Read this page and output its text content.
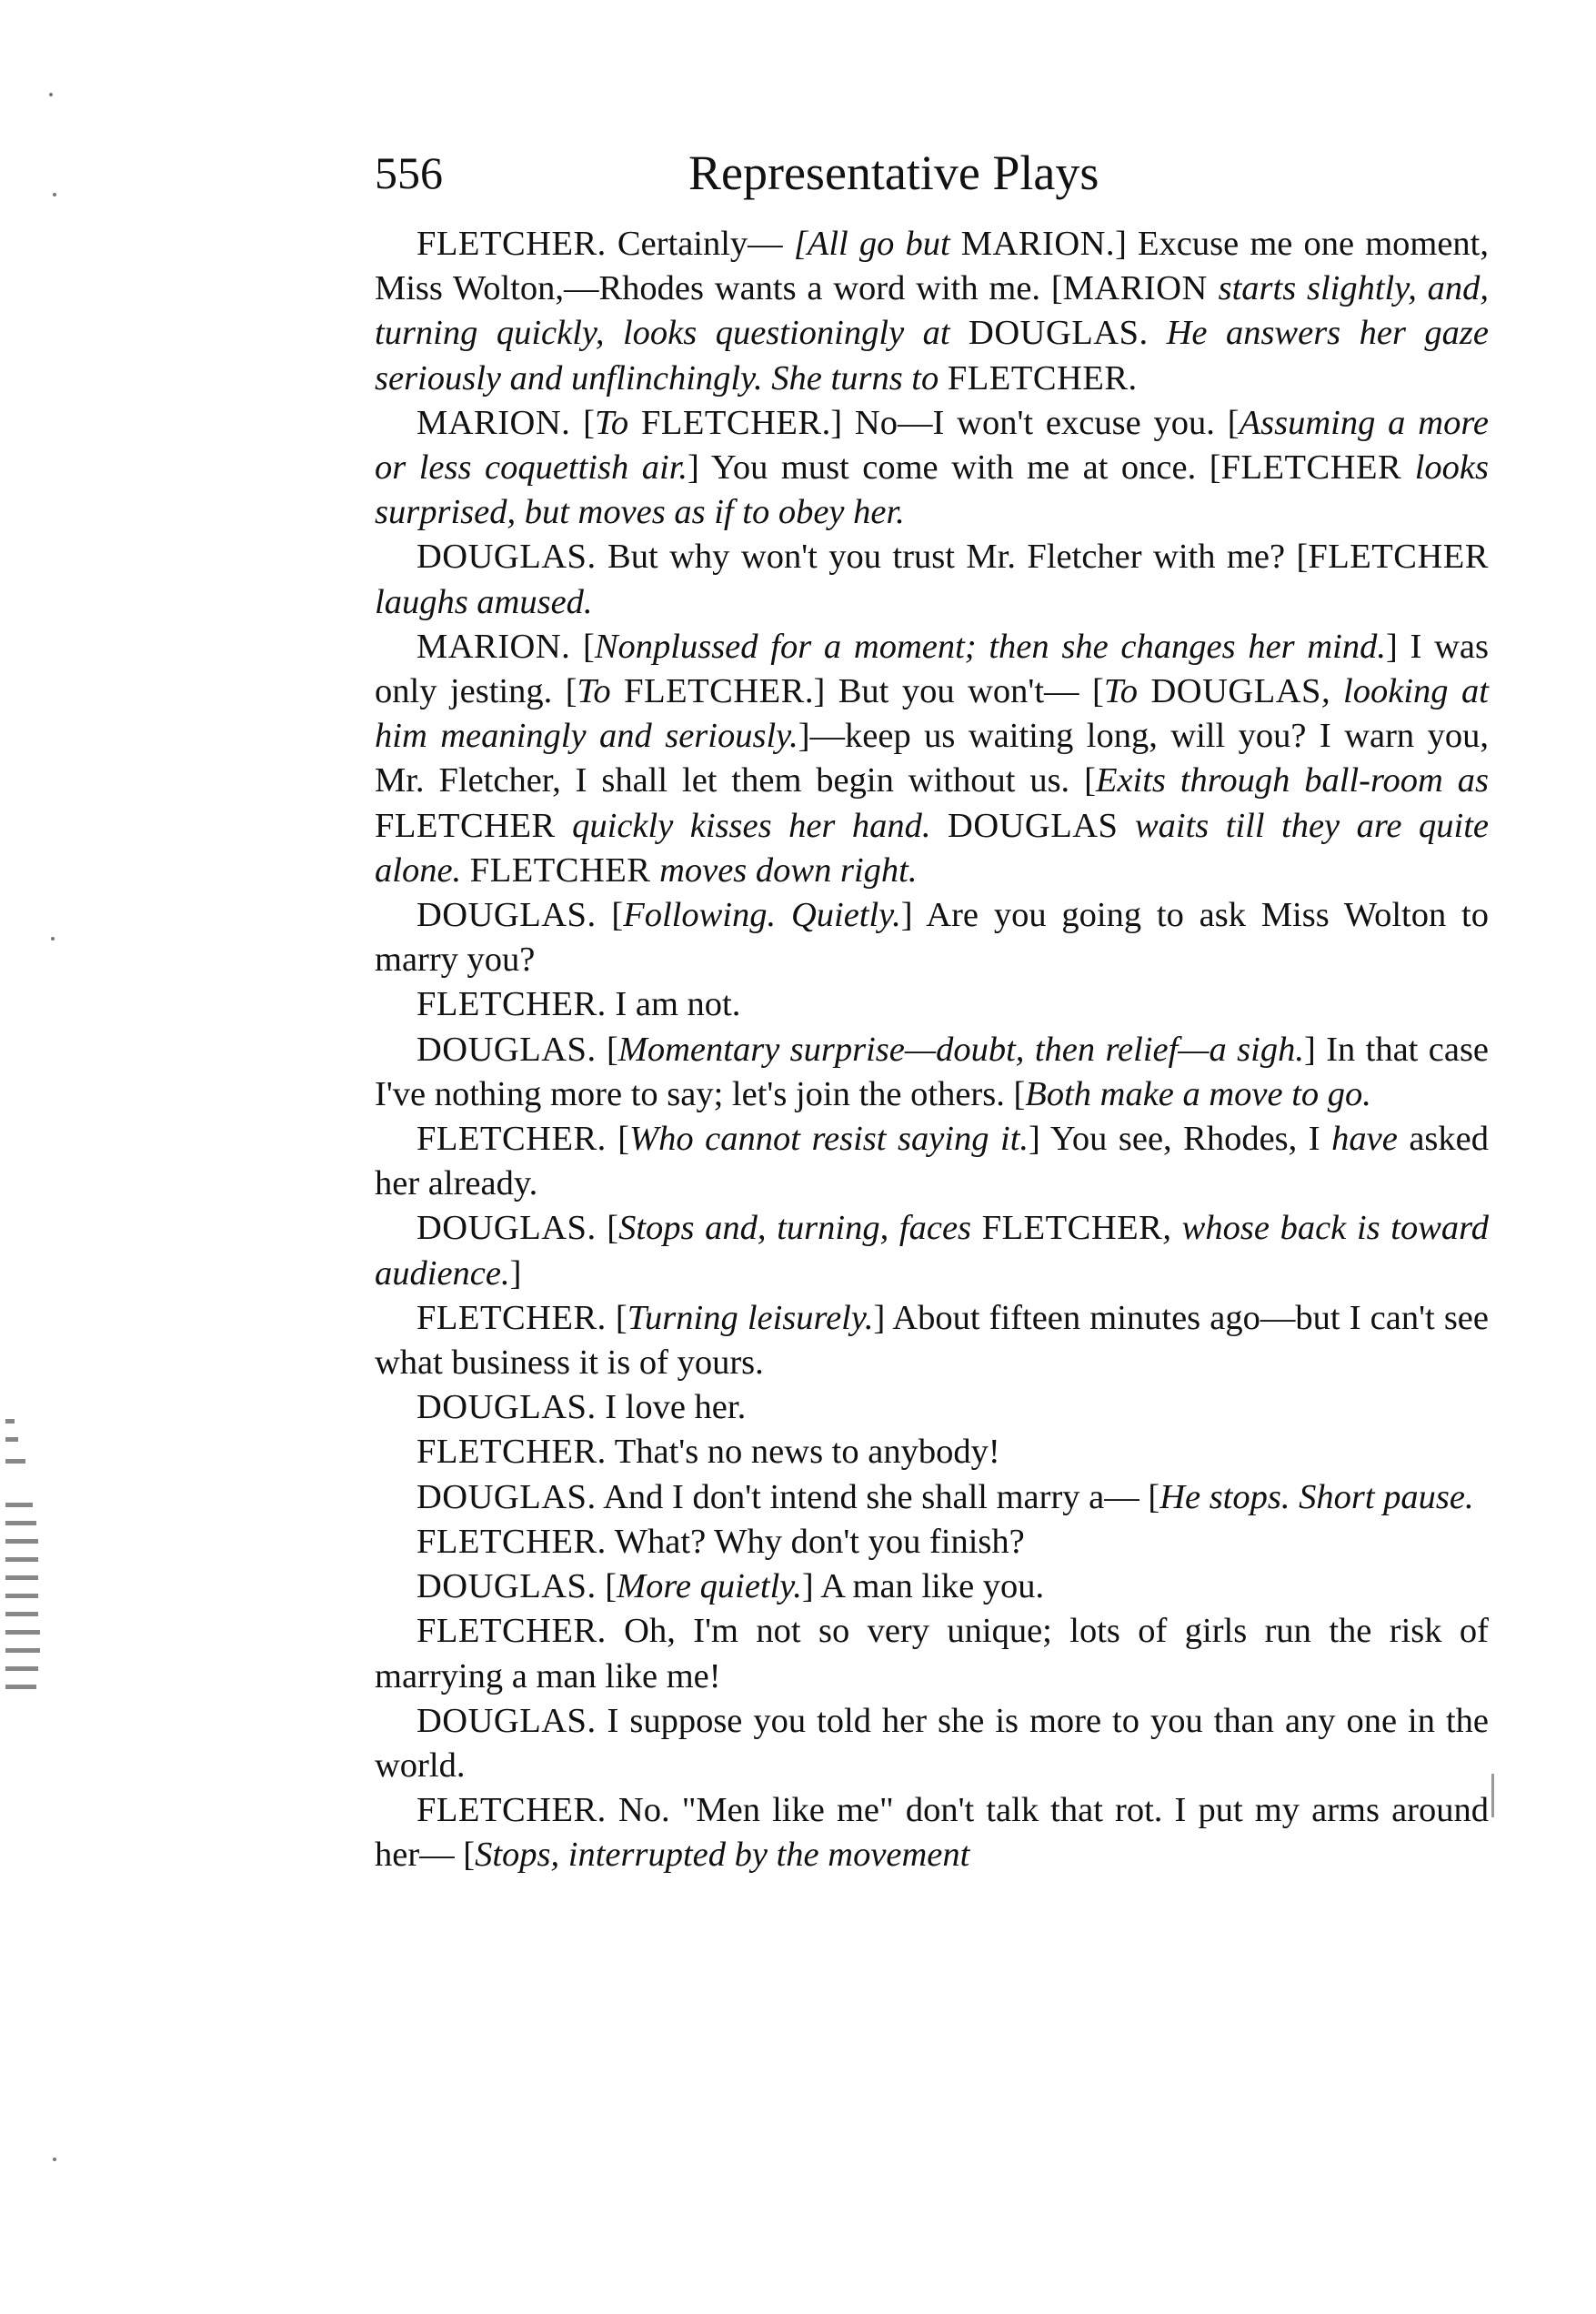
556	Representative Plays

FLETCHER. Certainly— [All go but MARION.] Excuse me one moment, Miss Wolton,—Rhodes wants a word with me. [MARION starts slightly, and, turning quickly, looks questioningly at DOUGLAS. He answers her gaze seriously and unflinchingly. She turns to FLETCHER.

MARION. [To FLETCHER.] No—I won't excuse you. [Assuming a more or less coquettish air.] You must come with me at once. [FLETCHER looks surprised, but moves as if to obey her.

DOUGLAS. But why won't you trust Mr. Fletcher with me? [FLETCHER laughs amused.

MARION. [Nonplussed for a moment; then she changes her mind.] I was only jesting. [To FLETCHER.] But you won't— [To DOUGLAS, looking at him meaningly and seriously.]—keep us waiting long, will you? I warn you, Mr. Fletcher, I shall let them begin without us. [Exits through ball-room as FLETCHER quickly kisses her hand. DOUGLAS waits till they are quite alone. FLETCHER moves down right.

DOUGLAS. [Following. Quietly.] Are you going to ask Miss Wolton to marry you?

FLETCHER. I am not.

DOUGLAS. [Momentary surprise—doubt, then relief—a sigh.] In that case I've nothing more to say; let's join the others. [Both make a move to go.

FLETCHER. [Who cannot resist saying it.] You see, Rhodes, I have asked her already.

DOUGLAS. [Stops and, turning, faces FLETCHER, whose back is toward audience.]

FLETCHER. [Turning leisurely.] About fifteen minutes ago—but I can't see what business it is of yours.

DOUGLAS. I love her.

FLETCHER. That's no news to anybody!

DOUGLAS. And I don't intend she shall marry a— [He stops. Short pause.

FLETCHER. What? Why don't you finish?

DOUGLAS. [More quietly.] A man like you.

FLETCHER. Oh, I'm not so very unique; lots of girls run the risk of marrying a man like me!

DOUGLAS. I suppose you told her she is more to you than any one in the world.

FLETCHER. No. "Men like me" don't talk that rot. I put my arms around her— [Stops, interrupted by the movement
